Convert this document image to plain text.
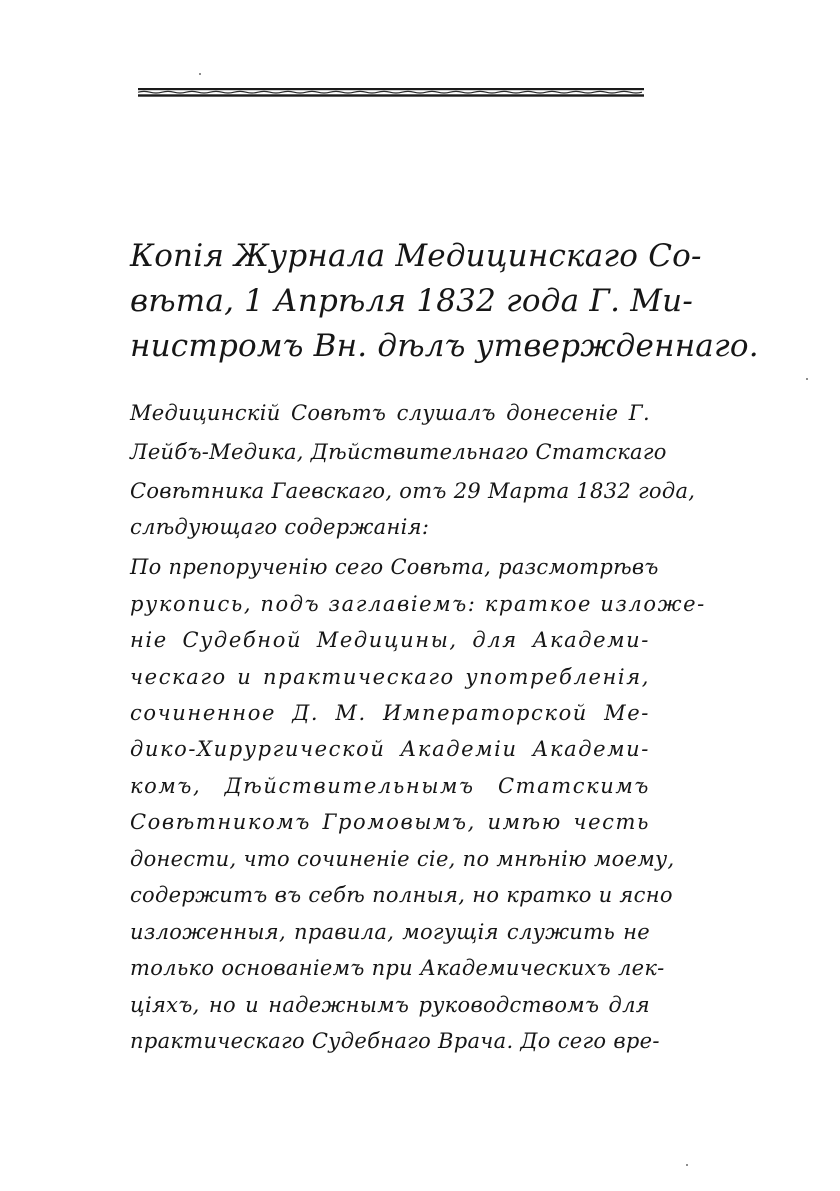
Копія Журнала Медицинскаго Со-
вѣта, 1 Апрѣля 1832 года Г. Ми-
нистромъ Вн. дѣлъ утвержденнаго.
Медицинскій Совѣтъ слушалъ донесеніе Г.
Лейбъ-Медика, Дѣйствительнаго Статскаго
Совѣтника Гаевскаго, отъ 29 Марта 1832 года,
слѣдующаго содержанія:
По препорученію сего Совѣта, разсмотрѣвъ
рукопись, подъ заглавіемъ: краткое изложе-
ніе Судебной Медицины, для Академи-
ческаго и практическаго употребленія,
сочиненное Д. М. Императорской Ме-
дико-Хирургической Академіи Академи-
комъ, Дѣйствительнымъ Статскимъ
Совѣтникомъ Громовымъ, имѣю честь
донести, что сочиненіе сіе, по мнѣнію моему,
содержитъ въ себѣ полныя, но кратко и ясно
изложенныя, правила, могущія служить не
только основаніемъ при Академическихъ лек-
ціяхъ, но и надежнымъ руководствомъ для
практическаго Судебнаго Врача. До сего вре-
